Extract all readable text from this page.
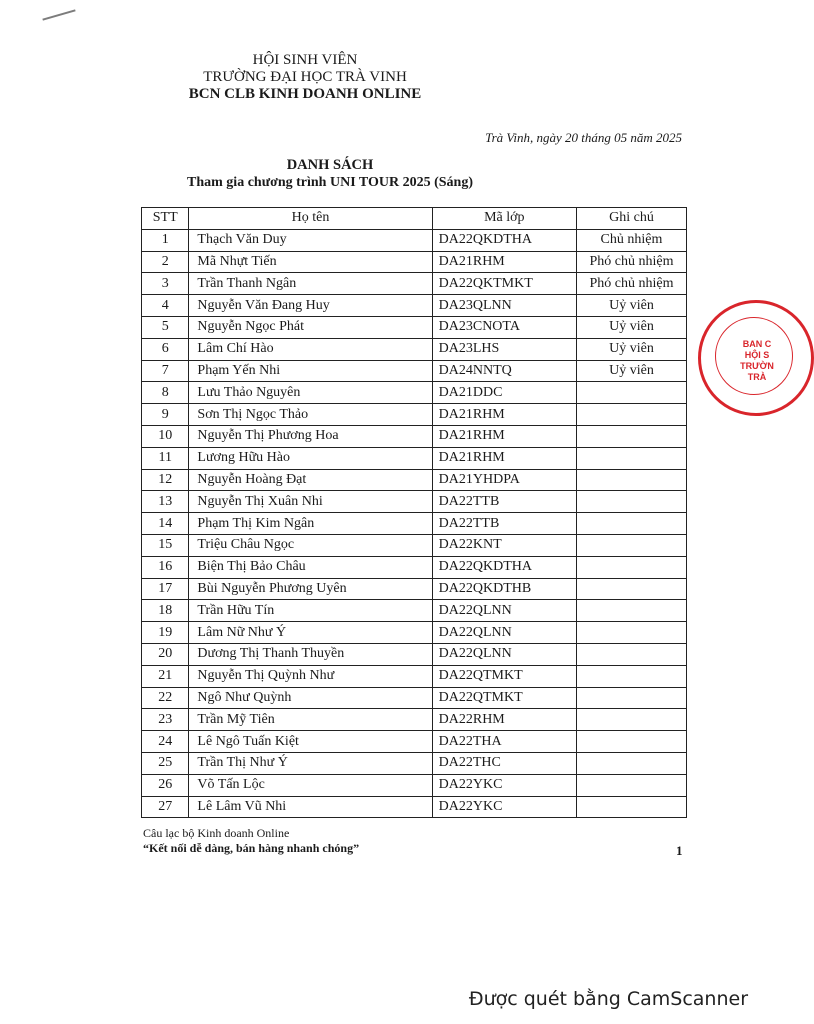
HỘI SINH VIÊN
TRƯỜNG ĐẠI HỌC TRÀ VINH
BCN CLB KINH DOANH ONLINE
Trà Vinh, ngày 20 tháng 05 năm 2025
DANH SÁCH
Tham gia chương trình UNI TOUR 2025 (Sáng)
STT	Họ tên	Mã lớp	Ghi chú
1	Thạch Văn Duy	DA22QKDTHA	Chủ nhiệm
2	Mã Nhựt Tiến	DA21RHM	Phó chủ nhiệm
3	Trần Thanh Ngân	DA22QKTMKT	Phó chủ nhiệm
4	Nguyễn Văn Đang Huy	DA23QLNN	Uỷ viên
5	Nguyễn Ngọc Phát	DA23CNOTA	Uỷ viên
6	Lâm Chí Hào	DA23LHS	Uỷ viên
7	Phạm Yến Nhi	DA24NNTQ	Uỷ viên
8	Lưu Thảo Nguyên	DA21DDC	
9	Sơn Thị Ngọc Thảo	DA21RHM	
10	Nguyễn Thị Phương Hoa	DA21RHM	
11	Lương Hữu Hào	DA21RHM	
12	Nguyễn Hoàng Đạt	DA21YHDPA	
13	Nguyễn Thị Xuân Nhi	DA22TTB	
14	Phạm Thị Kim Ngân	DA22TTB	
15	Triệu Châu Ngọc	DA22KNT	
16	Biện Thị Bảo Châu	DA22QKDTHA	
17	Bùi Nguyễn Phương Uyên	DA22QKDTHB	
18	Trần Hữu Tín	DA22QLNN	
19	Lâm Nữ Như Ý	DA22QLNN	
20	Dương Thị Thanh Thuyền	DA22QLNN	
21	Nguyễn Thị Quỳnh Như	DA22QTMKT	
22	Ngô Như Quỳnh	DA22QTMKT	
23	Trần Mỹ Tiên	DA22RHM	
24	Lê Ngô Tuấn Kiệt	DA22THA	
25	Trần Thị Như Ý	DA22THC	
26	Võ Tấn Lộc	DA22YKC	
27	Lê Lâm Vũ Nhi	DA22YKC	
Câu lạc bộ Kinh doanh Online
“Kết nối dễ dàng, bán hàng nhanh chóng”	1
BAN C
HỘI S
TRƯỜN
TRÀ
Được quét bằng CamScanner
